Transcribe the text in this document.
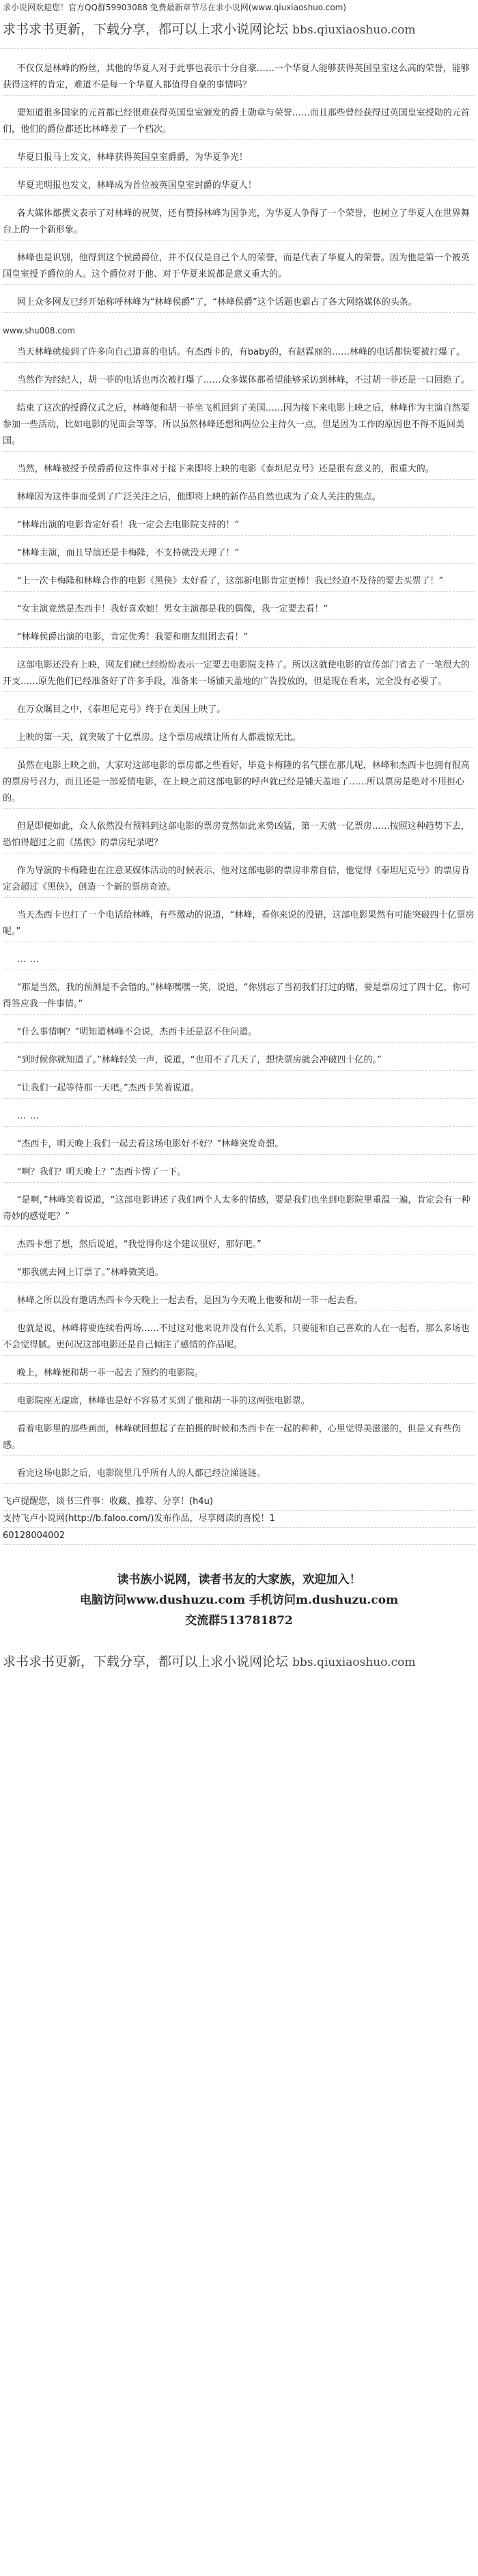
求小说网欢迎您！官方QQ群59903088 免费最新章节尽在求小说网(www.qiuxiaoshuo.com)
求书求书更新，下载分享，都可以上求小说网论坛 bbs.qiuxiaoshuo.com
不仅仅是林峰的粉丝，其他的华夏人对于此事也表示十分自豪……一个华夏人能够获得英国皇室这么高的荣誉，能够获得这样的肯定，难道不是每一个华夏人都值得自豪的事情吗？
要知道很多国家的元首都已经很难获得英国皇室颁发的爵士勋章与荣誉……而且那些曾经获得过英国皇室授勋的元首们，他们的爵位都还比林峰差了一个档次。
华夏日报马上发文，林峰获得英国皇室爵爵，为华夏争光！
华夏光明报也发文，林峰成为首位被英国皇室封爵的华夏人！
各大媒体都撰文表示了对林峰的祝贺，还有赞扬林峰为国争光，为华夏人争得了一个荣誉，也树立了华夏人在世界舞台上的一个新形象。
林峰也是识别，他得到这个侯爵爵位，并不仅仅是自己个人的荣誉，而是代表了华夏人的荣誉。因为他是第一个被英国皇室授予爵位的人。这个爵位对于他、对于华夏来说都是意义重大的。
网上众多网友已经开始称呼林峰为“林峰侯爵”了，“林峰侯爵”这个话题也霸占了各大网络媒体的头条。
www.shu008.com
当天林峰就接到了许多向自己道喜的电话。有杰西卡的，有baby的，有赵霖丽的……林峰的电话都快要被打爆了。
当然作为经纪人，胡一菲的电话也再次被打爆了……众多媒体都希望能够采访到林峰，不过胡一菲还是一口回绝了。
结束了这次的授爵仪式之后，林峰便和胡一菲坐飞机回到了美国……因为接下来电影上映之后，林峰作为主演自然要参加一些活动，比如电影的见面会等等。所以虽然林峰还想和两位公主待久一点，但是因为工作的原因也不得不返回美国。
当然，林峰被授予侯爵爵位这件事对于接下来即将上映的电影《泰坦尼克号》还是很有意义的，很重大的。
林峰因为这件事而受到了广泛关注之后，他即将上映的新作品自然也成为了众人关注的焦点。
“林峰出演的电影肯定好看！我一定会去电影院支持的！”
“林峰主演，而且导演还是卡梅隆，不支持就没天理了！”
“上一次卡梅隆和林峰合作的电影《黑侠》太好看了，这部新电影肯定更棒！我已经迫不及待的要去买票了！”
“女主演竟然是杰西卡！我好喜欢她！男女主演都是我的偶像，我一定要去看！”
“林峰侯爵出演的电影，肯定优秀！我要和朋友组团去看！”
这部电影还没有上映，网友们就已经纷纷表示一定要去电影院支持了。所以这就使电影的宣传部门省去了一笔很大的开支……原先他们已经准备好了许多手段，准备来一场铺天盖地的广告投放的，但是现在看来，完全没有必要了。
在万众瞩目之中，《泰坦尼克号》终于在美国上映了。
上映的第一天，就突破了十亿票房。这个票房成绩让所有人都震惊无比。
虽然在电影上映之前，大家对这部电影的票房都之些看好，毕竟卡梅隆的名气摆在那儿呢，林峰和杰西卡也拥有很高的票房号召力，而且还是一部爱情电影，在上映之前这部电影的呼声就已经是铺天盖地了……所以票房是绝对不用担心的。
但是即便如此，众人依然没有预料到这部电影的票房竟然如此来势凶猛，第一天就一亿票房……按照这种趋势下去，恐怕得超过之前《黑侠》的票房纪录吧？
作为导演的卡梅隆也在注意某媒体活动的时候表示，他对这部电影的票房非常自信，他觉得《泰坦尼克号》的票房肯定会超过《黑侠》，创造一个新的票房奇迹。
当天杰西卡也打了一个电话给林峰，有些激动的说道，“林峰，看你来说的没错，这部电影果然有可能突破四十亿票房呢。”
……
“那是当然，我的预测是不会错的。”林峰嘿嘿一笑，说道，“你别忘了当初我们打过的赌，要是票房过了四十亿，你可得答应我一件事情。”
“什么事情啊？”明知道林峰不会说，杰西卡还是忍不住问道。
“到时候你就知道了。”林峰轻笑一声，说道，“也用不了几天了，想快票房就会冲破四十亿的。”
“让我们一起等待那一天吧。”杰西卡笑着说道。
……
“杰西卡，明天晚上我们一起去看这场电影好不好？”林峰突发奇想。
“啊？我们？明天晚上？”杰西卡愣了一下。
“是啊，”林峰笑着说道，“这部电影讲述了我们两个人太多的情感，要是我们也坐到电影院里重温一遍，肯定会有一种奇妙的感觉吧？”
杰西卡想了想，然后说道，“我觉得你这个建议很好，那好吧。”
“那我就去网上订票了。”林峰微笑道。
林峰之所以没有邀请杰西卡今天晚上一起去看，是因为今天晚上他要和胡一菲一起去看。
也就是说，林峰将要连续看两场……不过这对他来说并没有什么关系，只要能和自己喜欢的人在一起看，那么多场也不会觉得腻。更何况这部电影还是自己倾注了感情的作品呢。
晚上，林峰便和胡一菲一起去了预约的电影院。
电影院座无虚席，林峰也是好不容易才买到了他和胡一菲的这两张电影票。
看着电影里的那些画面，林峰就回想起了在拍摄的时候和杰西卡在一起的种种，心里觉得美滋滋的，但是又有些伤感。
看完这场电影之后，电影院里几乎所有人的人都已经泣涕涟涟。
飞卢提醒您，谈书三件事：收藏、推荐、分享！(h4u)
支持飞卢小说网(http://b.faloo.com/)发布作品，尽享阅读的喜悦！1
60128004002
读书族小说网，读者书友的大家族，欢迎加入！
电脑访问www.dushuzu.com 手机访问m.dushuzu.com
交流群513781872
求书求书更新，下载分享，都可以上求小说网论坛 bbs.qiuxiaoshuo.com
